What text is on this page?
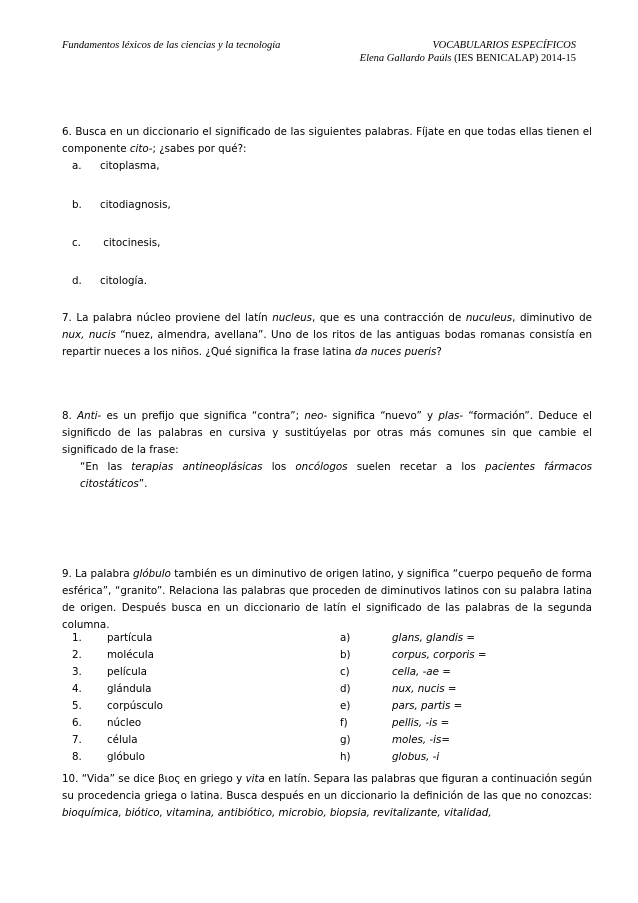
Fundamentos léxicos de las ciencias y la tecnología	VOCABULARIOS ESPECÍFICOS
Elena Gallardo Paúls (IES BENICALAP) 2014-15
6. Busca en un diccionario el significado de las siguientes palabras. Fíjate en que todas ellas tienen el componente cito-; ¿sabes por qué?:
a. citoplasma,
b. citodiagnosis,
c. citocinesis,
d. citología.
7. La palabra núcleo proviene del latín nucleus, que es una contracción de nuculeus, diminutivo de nux, nucis “nuez, almendra, avellana”. Uno de los ritos de las antiguas bodas romanas consistía en repartir nueces a los niños. ¿Qué significa la frase latina da nuces pueris?
8. Anti- es un prefijo que significa “contra”; neo- significa “nuevo” y plas- “formación”. Deduce el significdo de las palabras en cursiva y sustitúyelas por otras más comunes sin que cambie el significado de la frase:
“En las terapias antineoplásicas los oncólogos suelen recetar a los pacientes fármacos citostáticos”.
9. La palabra glóbulo también es un diminutivo de origen latino, y significa “cuerpo pequeño de forma esférica”, “granito”. Relaciona las palabras que proceden de diminutivos latinos con su palabra latina de origen. Después busca en un diccionario de latín el significado de las palabras de la segunda columna.
1. partícula	a)	glans, glandis =
2. molécula	b)	corpus, corporis =
3. película	c)	cella, -ae =
4. glándula	d)	nux, nucis =
5. corpúsculo	e)	pars, partis =
6. núcleo	f)	pellis, -is =
7. célula	g)	moles, -is=
8. glóbulo	h)	globus, -i
10. “Vida” se dice βιος en griego y vita en latín. Separa las palabras que figuran a continuación según su procedencia griega o latina. Busca después en un diccionario la definición de las que no conozcas: bioquímica, biótico, vitamina, antibiótico, microbio, biopsia, revitalizante, vitalidad,
